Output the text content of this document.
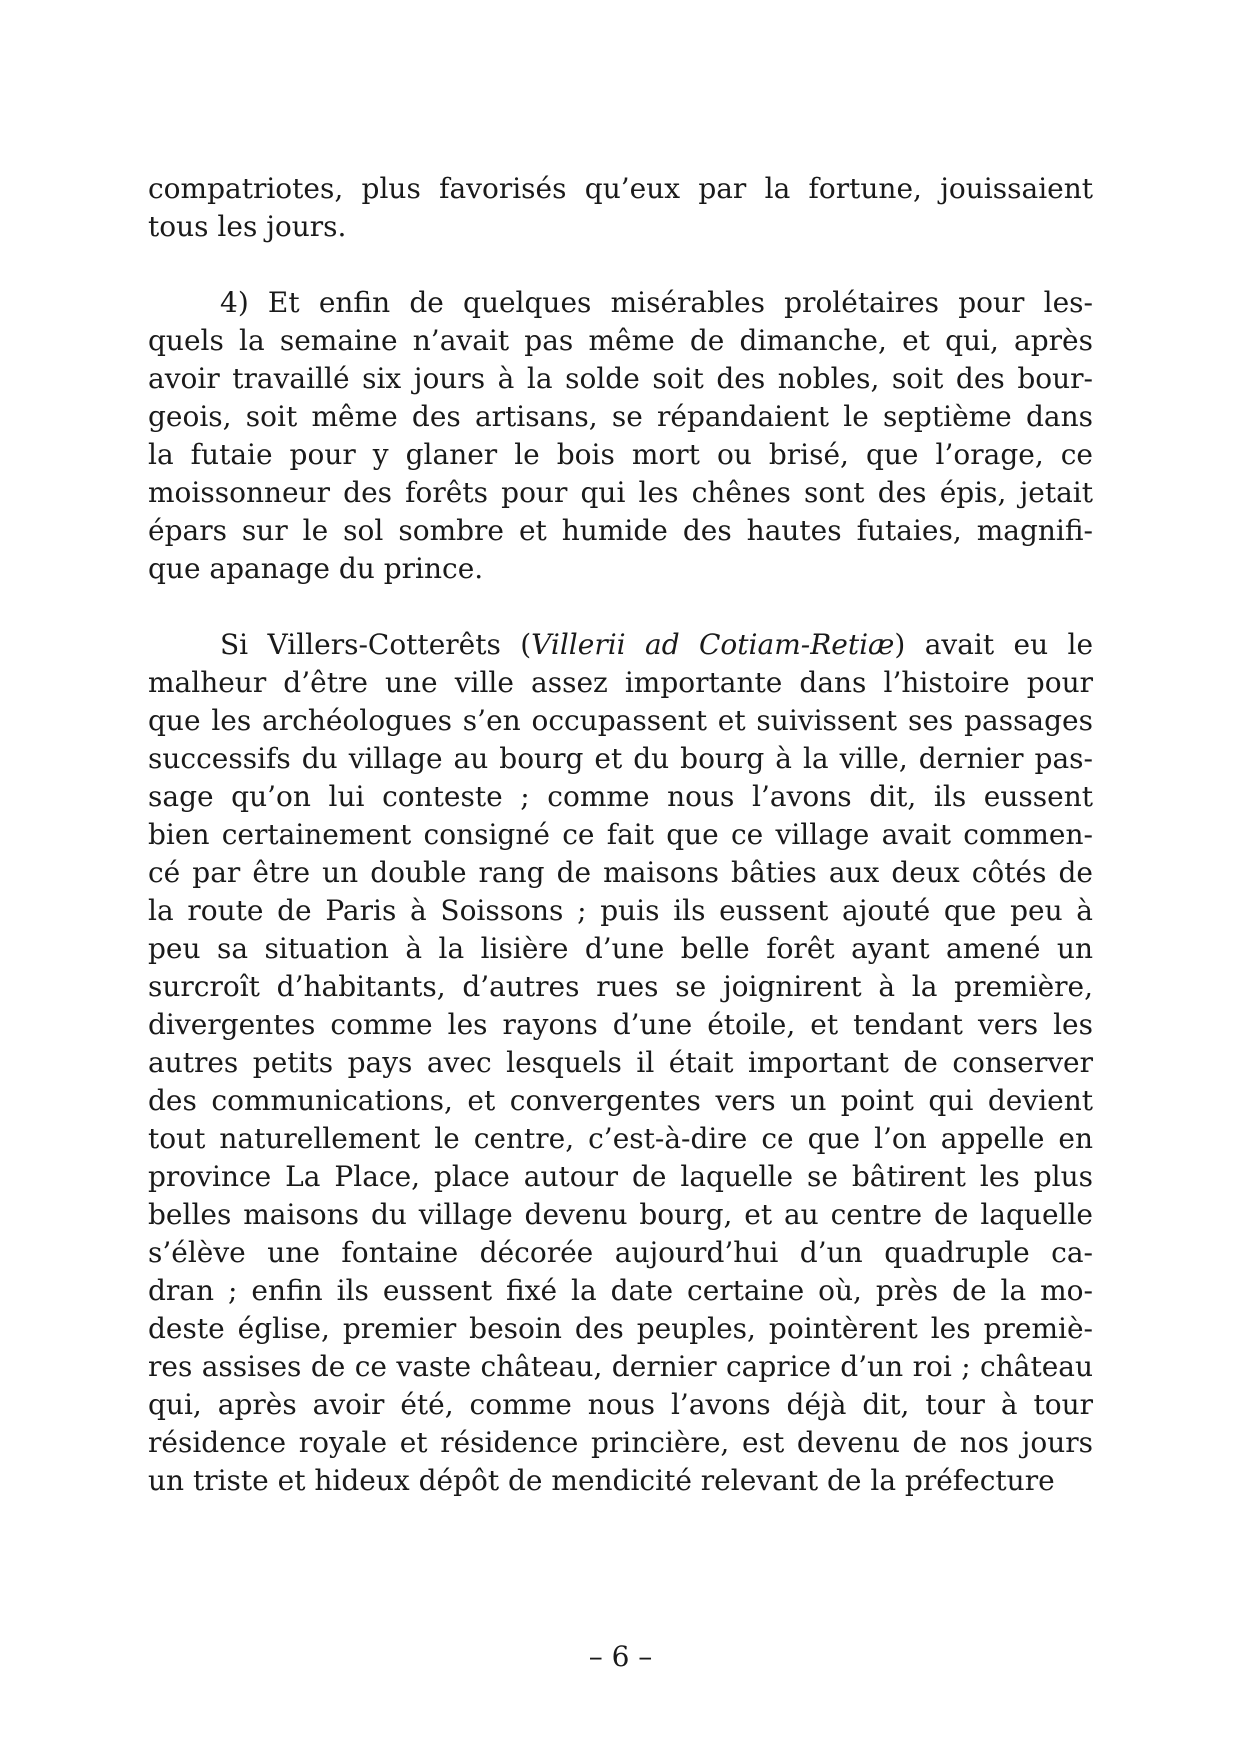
compatriotes, plus favorisés qu’eux par la fortune, jouissaient
tous les jours.
4) Et enfin de quelques misérables prolétaires pour les-
quels la semaine n’avait pas même de dimanche, et qui, après
avoir travaillé six jours à la solde soit des nobles, soit des bour-
geois, soit même des artisans, se répandaient le septième dans
la futaie pour y glaner le bois mort ou brisé, que l’orage, ce
moissonneur des forêts pour qui les chênes sont des épis, jetait
épars sur le sol sombre et humide des hautes futaies, magnifi-
que apanage du prince.
Si Villers-Cotterêts (Villerii ad Cotiam-Retiæ) avait eu le
malheur d’être une ville assez importante dans l’histoire pour
que les archéologues s’en occupassent et suivissent ses passages
successifs du village au bourg et du bourg à la ville, dernier pas-
sage qu’on lui conteste ; comme nous l’avons dit, ils eussent
bien certainement consigné ce fait que ce village avait commen-
cé par être un double rang de maisons bâties aux deux côtés de
la route de Paris à Soissons ; puis ils eussent ajouté que peu à
peu sa situation à la lisière d’une belle forêt ayant amené un
surcroît d’habitants, d’autres rues se joignirent à la première,
divergentes comme les rayons d’une étoile, et tendant vers les
autres petits pays avec lesquels il était important de conserver
des communications, et convergentes vers un point qui devient
tout naturellement le centre, c’est-à-dire ce que l’on appelle en
province La Place, place autour de laquelle se bâtirent les plus
belles maisons du village devenu bourg, et au centre de laquelle
s’élève une fontaine décorée aujourd’hui d’un quadruple ca-
dran ; enfin ils eussent fixé la date certaine où, près de la mo-
deste église, premier besoin des peuples, pointèrent les premiè-
res assises de ce vaste château, dernier caprice d’un roi ; château
qui, après avoir été, comme nous l’avons déjà dit, tour à tour
résidence royale et résidence princière, est devenu de nos jours
un triste et hideux dépôt de mendicité relevant de la préfecture
– 6 –
